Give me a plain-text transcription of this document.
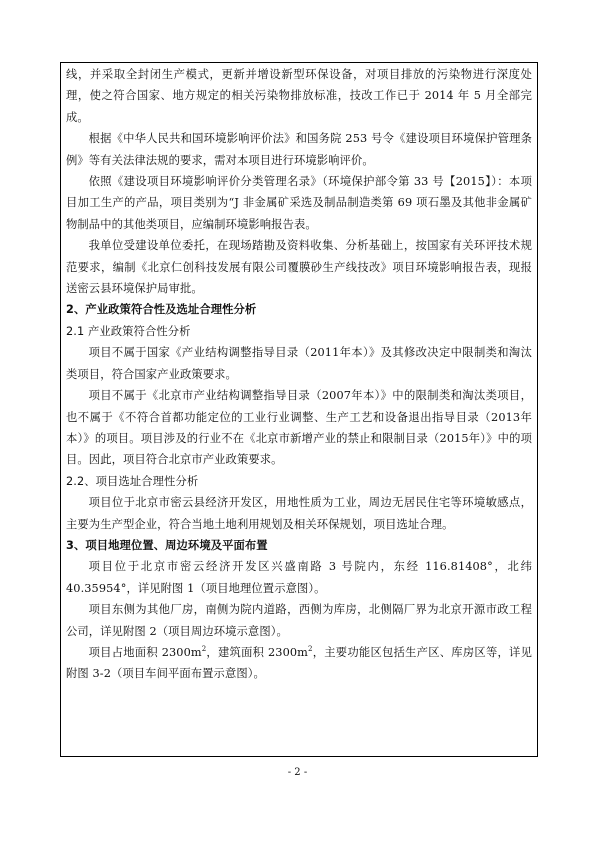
线，并采取全封闭生产模式，更新并增设新型环保设备，对项目排放的污染物进行深度处理，使之符合国家、地方规定的相关污染物排放标准，技改工作已于 2014 年 5 月全部完成。

根据《中华人民共和国环境影响评价法》和国务院 253 号令《建设项目环境保护管理条例》等有关法律法规的要求，需对本项目进行环境影响评价。

依照《建设项目环境影响评价分类管理名录》（环境保护部令第 33 号【2015】）：本项目加工生产的产品，项目类别为“J 非金属矿采选及制品制造类第 69 项石墨及其他非金属矿物制品中的其他类项目，应编制环境影响报告表。

我单位受建设单位委托，在现场踏勘及资料收集、分析基础上，按国家有关环评技术规范要求，编制《北京仁创科技发展有限公司覆膜砂生产线技改》项目环境影响报告表，现报送密云县环境保护局审批。

2、产业政策符合性及选址合理性分析

2.1 产业政策符合性分析

项目不属于国家《产业结构调整指导目录（2011年本）》及其修改决定中限制类和淘汰类项目，符合国家产业政策要求。

项目不属于《北京市产业结构调整指导目录（2007年本）》中的限制类和淘汰类项目，也不属于《不符合首都功能定位的工业行业调整、生产工艺和设备退出指导目录（2013年本）》的项目。项目涉及的行业不在《北京市新增产业的禁止和限制目录（2015年）》中的项目。因此，项目符合北京市产业政策要求。

2.2、项目选址合理性分析

项目位于北京市密云县经济开发区，用地性质为工业，周边无居民住宅等环境敏感点，主要为生产型企业，符合当地土地利用规划及相关环保规划，项目选址合理。

3、项目地理位置、周边环境及平面布置

项目位于北京市密云经济开发区兴盛南路 3 号院内，东经 116.81408°，北纬 40.35954°，详见附图 1（项目地理位置示意图）。

项目东侧为其他厂房，南侧为院内道路，西侧为库房，北侧隔厂界为北京开源市政工程公司，详见附图 2（项目周边环境示意图）。

项目占地面积 $2300m^2$，建筑面积 $2300m^2$，主要功能区包括生产区、库房区等，详见附图 3-2（项目车间平面布置示意图）。

- 2 -
